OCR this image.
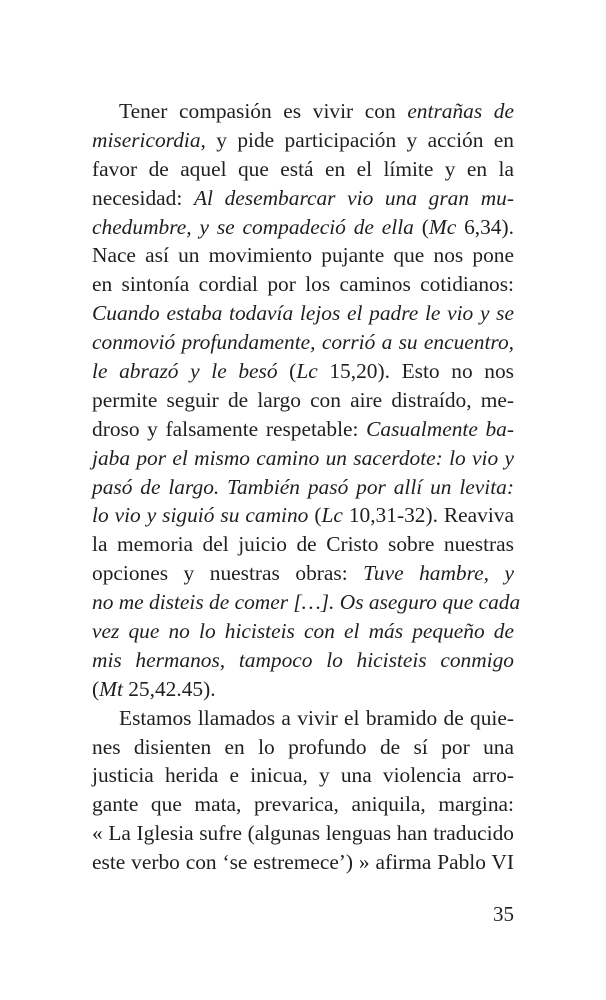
Tener compasión es vivir con entrañas de
misericordia, y pide participación y acción en
favor de aquel que está en el límite y en la
necesidad: Al desembarcar vio una gran mu-
chedumbre, y se compadeció de ella (Mc 6,34).
Nace así un movimiento pujante que nos pone
en sintonía cordial por los caminos cotidianos:
Cuando estaba todavía lejos el padre le vio y se
conmovió profundamente, corrió a su encuentro,
le abrazó y le besó (Lc 15,20). Esto no nos
permite seguir de largo con aire distraído, me-
droso y falsamente respetable: Casualmente ba-
jaba por el mismo camino un sacerdote: lo vio y
pasó de largo. También pasó por allí un levita:
lo vio y siguió su camino (Lc 10,31-32). Reaviva
la memoria del juicio de Cristo sobre nuestras
opciones y nuestras obras: Tuve hambre, y
no me disteis de comer […]. Os aseguro que cada
vez que no lo hicisteis con el más pequeño de
mis hermanos, tampoco lo hicisteis conmigo
(Mt 25,42.45).
Estamos llamados a vivir el bramido de quie-
nes disienten en lo profundo de sí por una
justicia herida e inicua, y una violencia arro-
gante que mata, prevarica, aniquila, margina:
« La Iglesia sufre (algunas lenguas han traducido
este verbo con ‘se estremece’) » afirma Pablo VI
35
